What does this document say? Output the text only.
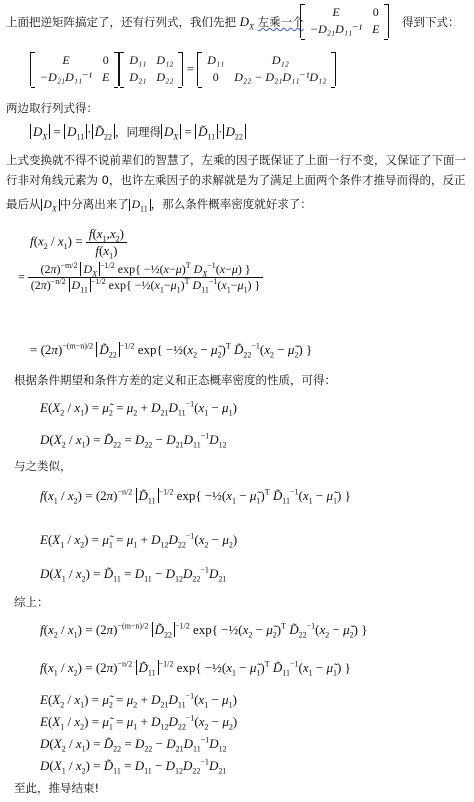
上面把逆矩阵搞定了，还有行列式，我们先把 $D_X$ 左乘一个
E	0
−D₂₁D₁₁⁻¹	E 得到下式：
E	0
−D₂₁D₁₁⁻¹	E
D₁₁	D₁₂
D₂₁	D₂₂
=
D₁₁	D₁₂
0	D₂₂ − D₂₁D₁₁⁻¹D₁₂
两边取行列式得：
$D_X = D_{11}$ · $D̃_{22}$ ，同理得 $D_X$ = $D̃_{11} \cdot D_{22}$
上式变换就不得不说前辈们的智慧了，左乘的因子既保证了上面一行不变，又保证了下面一
行非对角线元素为 0，也许左乘因子的求解就是为了满足上面两个条件才推导而得的，反正
最后从 $D_X$ 中分离出来了 $D_{11}$ ，那么条件概率密度就好求了：
$f(x_2 / x_1) = \frac{f(x_1,x_2)}{f(x_1)}$
= $\frac{(2\pi)^{-m/2} D_X^{-1/2} \exp\{ -\frac{1}{2}(x-\mu)^T D_X^{-1}(x-\mu) \}}{(2\pi)^{-n/2} D_{11}^{-1/2} \exp\{ -\frac{1}{2}(x_1-\mu_1)^T D_{11}^{-1}(x_1-\mu_1) \}}$
= $(2\pi)^{-(m-n)/2}$ $D̃_{22}^{-1/2}$ $\exp\{ -\frac{1}{2}(x_2$ − $\mũ_2)^T$ $D̃_{22}^{-1}(x_2$ − $\mũ_2$) }
根据条件期望和条件方差的定义和正态概率密度的性质，可得：
$E(X_2 / x_1)$ = $\mũ_2 = \mu_2 + D_{21}D_{11}^{-1}(x_1 - \mu_1)$
$D(X_2 / x_1)$ = $D̃_{22} = D_{22} - D_{21}D_{11}^{-1}D_{12}$
与之类似，
$f(x_1 / x_2) = (2\pi)^{-n/2}$ $D̃_{11}^{-1/2}$ $\exp\{ -\frac{1}{2}(x_1$ − $\mũ_1)^T$ $D̃_{11}^{-1}(x_1$ − $\mũ_1$) }
$E(X_1 / x_2)$ = $\mũ_1 = \mu_1 + D_{12}D_{22}^{-1}(x_2 - \mu_2)$
$D(X_1 / x_2)$ = $D̃_{11} = D_{11} - D_{12}D_{22}^{-1}D_{21}$
综上：
$f(x_2 / x_1) = (2\pi)^{-(m-n)/2}$ $D̃_{22}^{-1/2}$ $\exp\{ -\frac{1}{2}(x_2$ − $\mũ_2)^T$ $D̃_{22}^{-1}(x_2$ − $\mũ_2$) }
$f(x_1 / x_2) = (2\pi)^{-n/2}$ $D̃_{11}^{-1/2}$ $\exp\{ -\frac{1}{2}(x_1$ − $\mũ_1)^T$ $D̃_{11}^{-1}(x_1$ − $\mũ_1$) }
$E(X_2 / x_1)$ = $\mũ_2 = \mu_2 + D_{21}D_{11}^{-1}(x_1 - \mu_1)$
$E(X_1 / x_2)$ = $\mũ_1 = \mu_1 + D_{12}D_{22}^{-1}(x_2 - \mu_2)$
$D(X_2 / x_1)$ = $D̃_{22} = D_{22} - D_{21}D_{11}^{-1}D_{12}$
$D(X_1 / x_2)$ = $D̃_{11} = D_{11} - D_{12}D_{22}^{-1}D_{21}$
至此，推导结束!
